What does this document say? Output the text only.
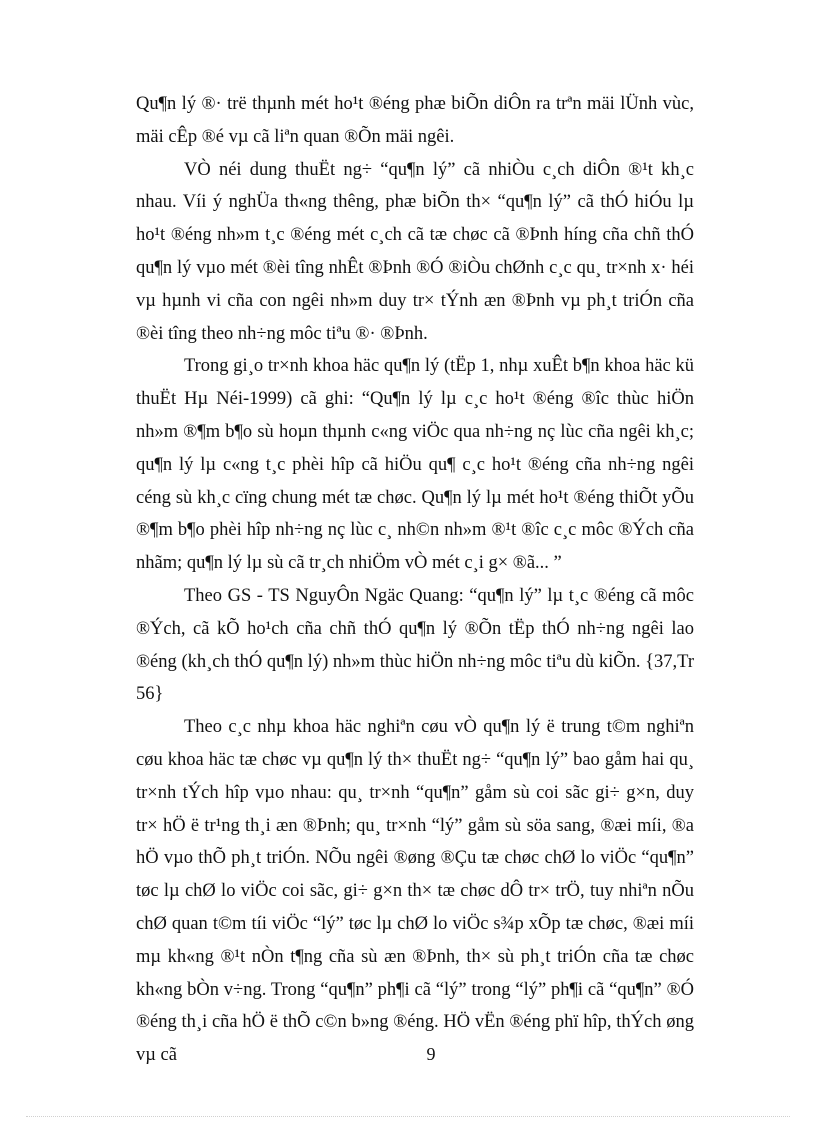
Qu¶n lý ®· trë thµnh mét ho¹t ®éng phæ biÕn diÔn ra trªn mäi lÜnh vùc, mäi cÊp ®é vµ cã liªn quan ®Õn mäi ngêi.

VÒ néi dung thuËt ng÷ “qu¶n lý” cã nhiÒu c¸ch diÔn ®¹t kh¸c nhau. Víi ý nghÜa th«ng thêng, phæ biÕn th× “qu¶n lý” cã thÓ hiÓu lµ ho¹t ®éng nh»m t¸c ®éng mét c¸ch cã tæ chøc cã ®Þnh híng cña chñ thÓ qu¶n lý vµo mét ®èi tîng nhÊt ®Þnh ®Ó ®iÒu chØnh c¸c qu¸ tr×nh x· héi vµ hµnh vi cña con ngêi nh»m duy tr× tÝnh æn ®Þnh vµ ph¸t triÓn cña ®èi tîng theo nh÷ng môc tiªu ®· ®Þnh.

Trong gi¸o tr×nh khoa häc qu¶n lý (tËp 1, nhµ xuÊt b¶n khoa häc kü thuËt Hµ Néi-1999) cã ghi: “Qu¶n lý lµ c¸c ho¹t ®éng ®îc thùc hiÖn nh»m ®¶m b¶o sù hoµn thµnh c«ng viÖc qua nh÷ng nç lùc cña ngêi kh¸c; qu¶n lý lµ c«ng t¸c phèi hîp cã hiÖu qu¶ c¸c ho¹t ®éng cña nh÷ng ngêi céng sù kh¸c cïng chung mét tæ chøc. Qu¶n lý lµ mét ho¹t ®éng thiÕt yÕu ®¶m b¶o phèi hîp nh÷ng nç lùc c¸ nh©n nh»m ®¹t ®îc c¸c môc ®Ých cña nhãm; qu¶n lý lµ sù cã tr¸ch nhiÖm vÒ mét c¸i g× ®ã... ”

Theo GS - TS NguyÔn Ngäc Quang: “qu¶n lý” lµ t¸c ®éng cã môc ®Ých, cã kÕ ho¹ch cña chñ thÓ qu¶n lý ®Õn tËp thÓ nh÷ng ngêi lao ®éng (kh¸ch thÓ qu¶n lý) nh»m thùc hiÖn nh÷ng môc tiªu dù kiÕn. {37,Tr 56}

Theo c¸c nhµ khoa häc nghiªn cøu vÒ qu¶n lý ë trung t©m nghiªn cøu khoa häc tæ chøc vµ qu¶n lý th× thuËt ng÷ “qu¶n lý” bao gåm hai qu¸ tr×nh tÝch hîp vµo nhau: qu¸ tr×nh “qu¶n” gåm sù coi sãc gi÷ g×n, duy tr× hÖ ë tr¹ng th¸i æn ®Þnh; qu¸ tr×nh “lý” gåm sù söa sang, ®æi míi, ®a hÖ vµo thÕ ph¸t triÓn. NÕu ngêi ®øng ®Çu tæ chøc chØ lo viÖc “qu¶n” tøc lµ chØ lo viÖc coi sãc, gi÷ g×n th× tæ chøc dÔ tr× trÖ, tuy nhiªn nÕu chØ quan t©m tíi viÖc “lý” tøc lµ chØ lo viÖc s¾p xÕp tæ chøc, ®æi míi mµ kh«ng ®¹t nÒn t¶ng cña sù æn ®Þnh, th× sù ph¸t triÓn cña tæ chøc kh«ng bÒn v÷ng. Trong “qu¶n” ph¶i cã “lý” trong “lý” ph¶i cã “qu¶n” ®Ó ®éng th¸i cña hÖ ë thÕ c©n b»ng ®éng. HÖ vËn ®éng phï hîp, thÝch øng vµ cã	9
